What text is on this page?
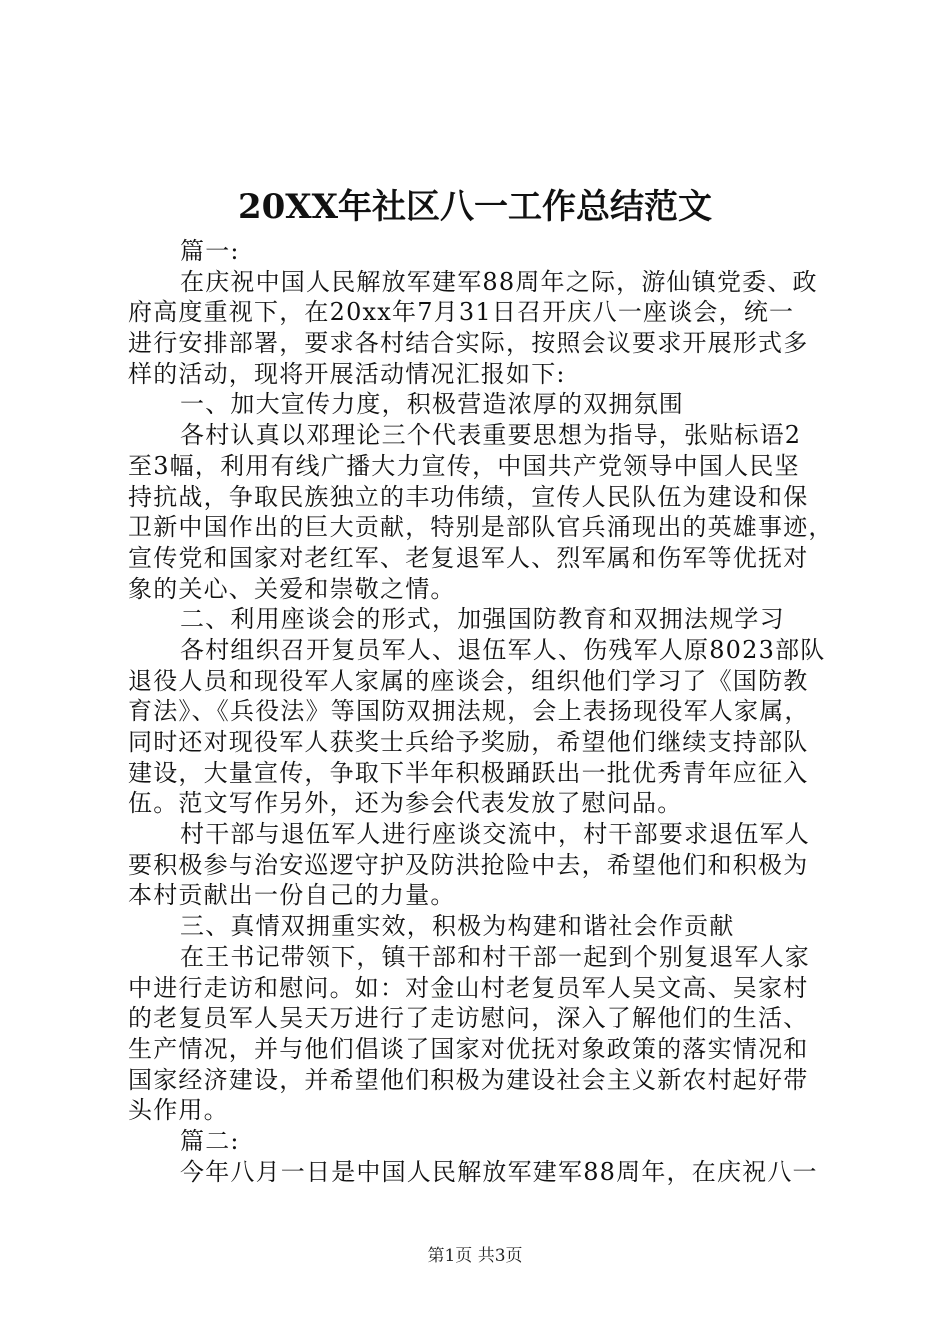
20XX年社区八一工作总结范文
篇一:
在庆祝中国人民解放军建军88周年之际，游仙镇党委、政
府高度重视下，在20xx年7月31日召开庆八一座谈会，统一
进行安排部署，要求各村结合实际，按照会议要求开展形式多
样的活动，现将开展活动情况汇报如下:
一、加大宣传力度，积极营造浓厚的双拥氛围
各村认真以邓理论三个代表重要思想为指导，张贴标语2
至3幅，利用有线广播大力宣传，中国共产党领导中国人民坚
持抗战，争取民族独立的丰功伟绩，宣传人民队伍为建设和保
卫新中国作出的巨大贡献，特别是部队官兵涌现出的英雄事迹，
宣传党和国家对老红军、老复退军人、烈军属和伤军等优抚对
象的关心、关爱和崇敬之情。
二、利用座谈会的形式，加强国防教育和双拥法规学习
各村组织召开复员军人、退伍军人、伤残军人原8023部队
退役人员和现役军人家属的座谈会，组织他们学习了《国防教
育法》、《兵役法》等国防双拥法规，会上表扬现役军人家属，
同时还对现役军人获奖士兵给予奖励，希望他们继续支持部队
建设，大量宣传，争取下半年积极踊跃出一批优秀青年应征入
伍。范文写作另外，还为参会代表发放了慰问品。
村干部与退伍军人进行座谈交流中，村干部要求退伍军人
要积极参与治安巡逻守护及防洪抢险中去，希望他们和积极为
本村贡献出一份自己的力量。
三、真情双拥重实效，积极为构建和谐社会作贡献
在王书记带领下，镇干部和村干部一起到个别复退军人家
中进行走访和慰问。如：对金山村老复员军人吴文高、吴家村
的老复员军人吴天万进行了走访慰问，深入了解他们的生活、
生产情况，并与他们倡谈了国家对优抚对象政策的落实情况和
国家经济建设，并希望他们积极为建设社会主义新农村起好带
头作用。
篇二:
今年八月一日是中国人民解放军建军88周年，在庆祝八一
第1页 共3页
